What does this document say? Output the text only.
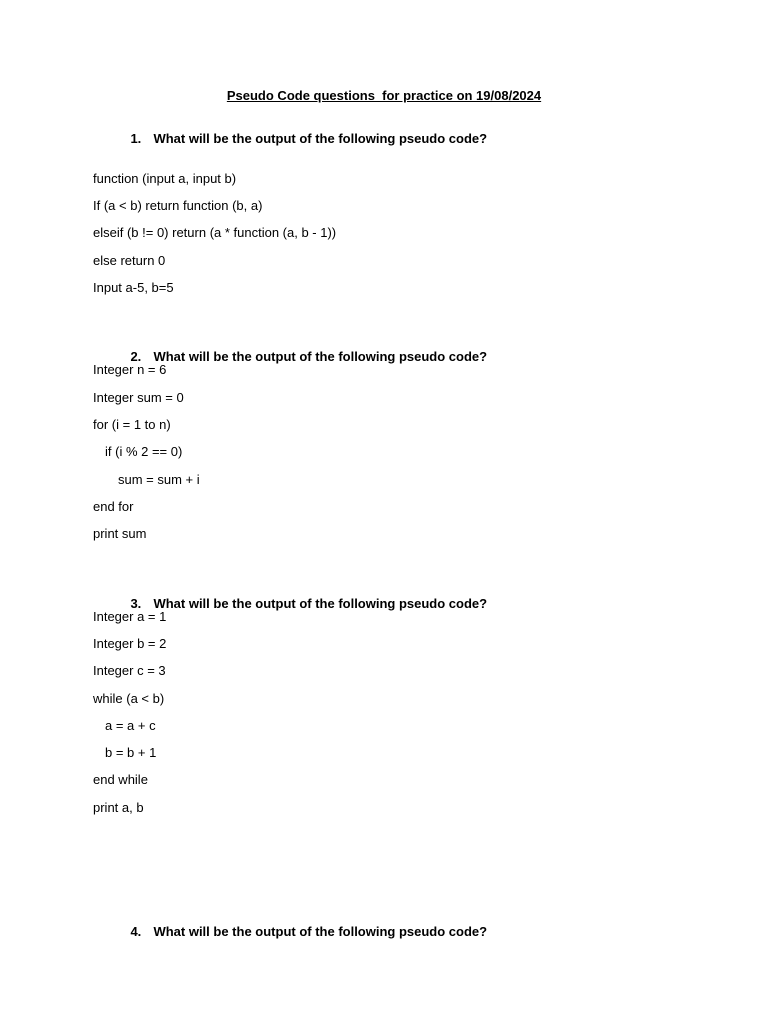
Pseudo Code questions  for practice on 19/08/2024

1. What will be the output of the following pseudo code?

function (input a, input b)
If (a < b) return function (b, a)
elseif (b != 0) return (a * function (a, b - 1))
else return 0
Input a-5, b=5

2. What will be the output of the following pseudo code?

Integer n = 6
Integer sum = 0
for (i = 1 to n)
if (i % 2 == 0)
sum = sum + i
end for
print sum

3. What will be the output of the following pseudo code?

Integer a = 1
Integer b = 2
Integer c = 3
while (a < b)
a = a + c
b = b + 1
end while
print a, b

4. What will be the output of the following pseudo code?
